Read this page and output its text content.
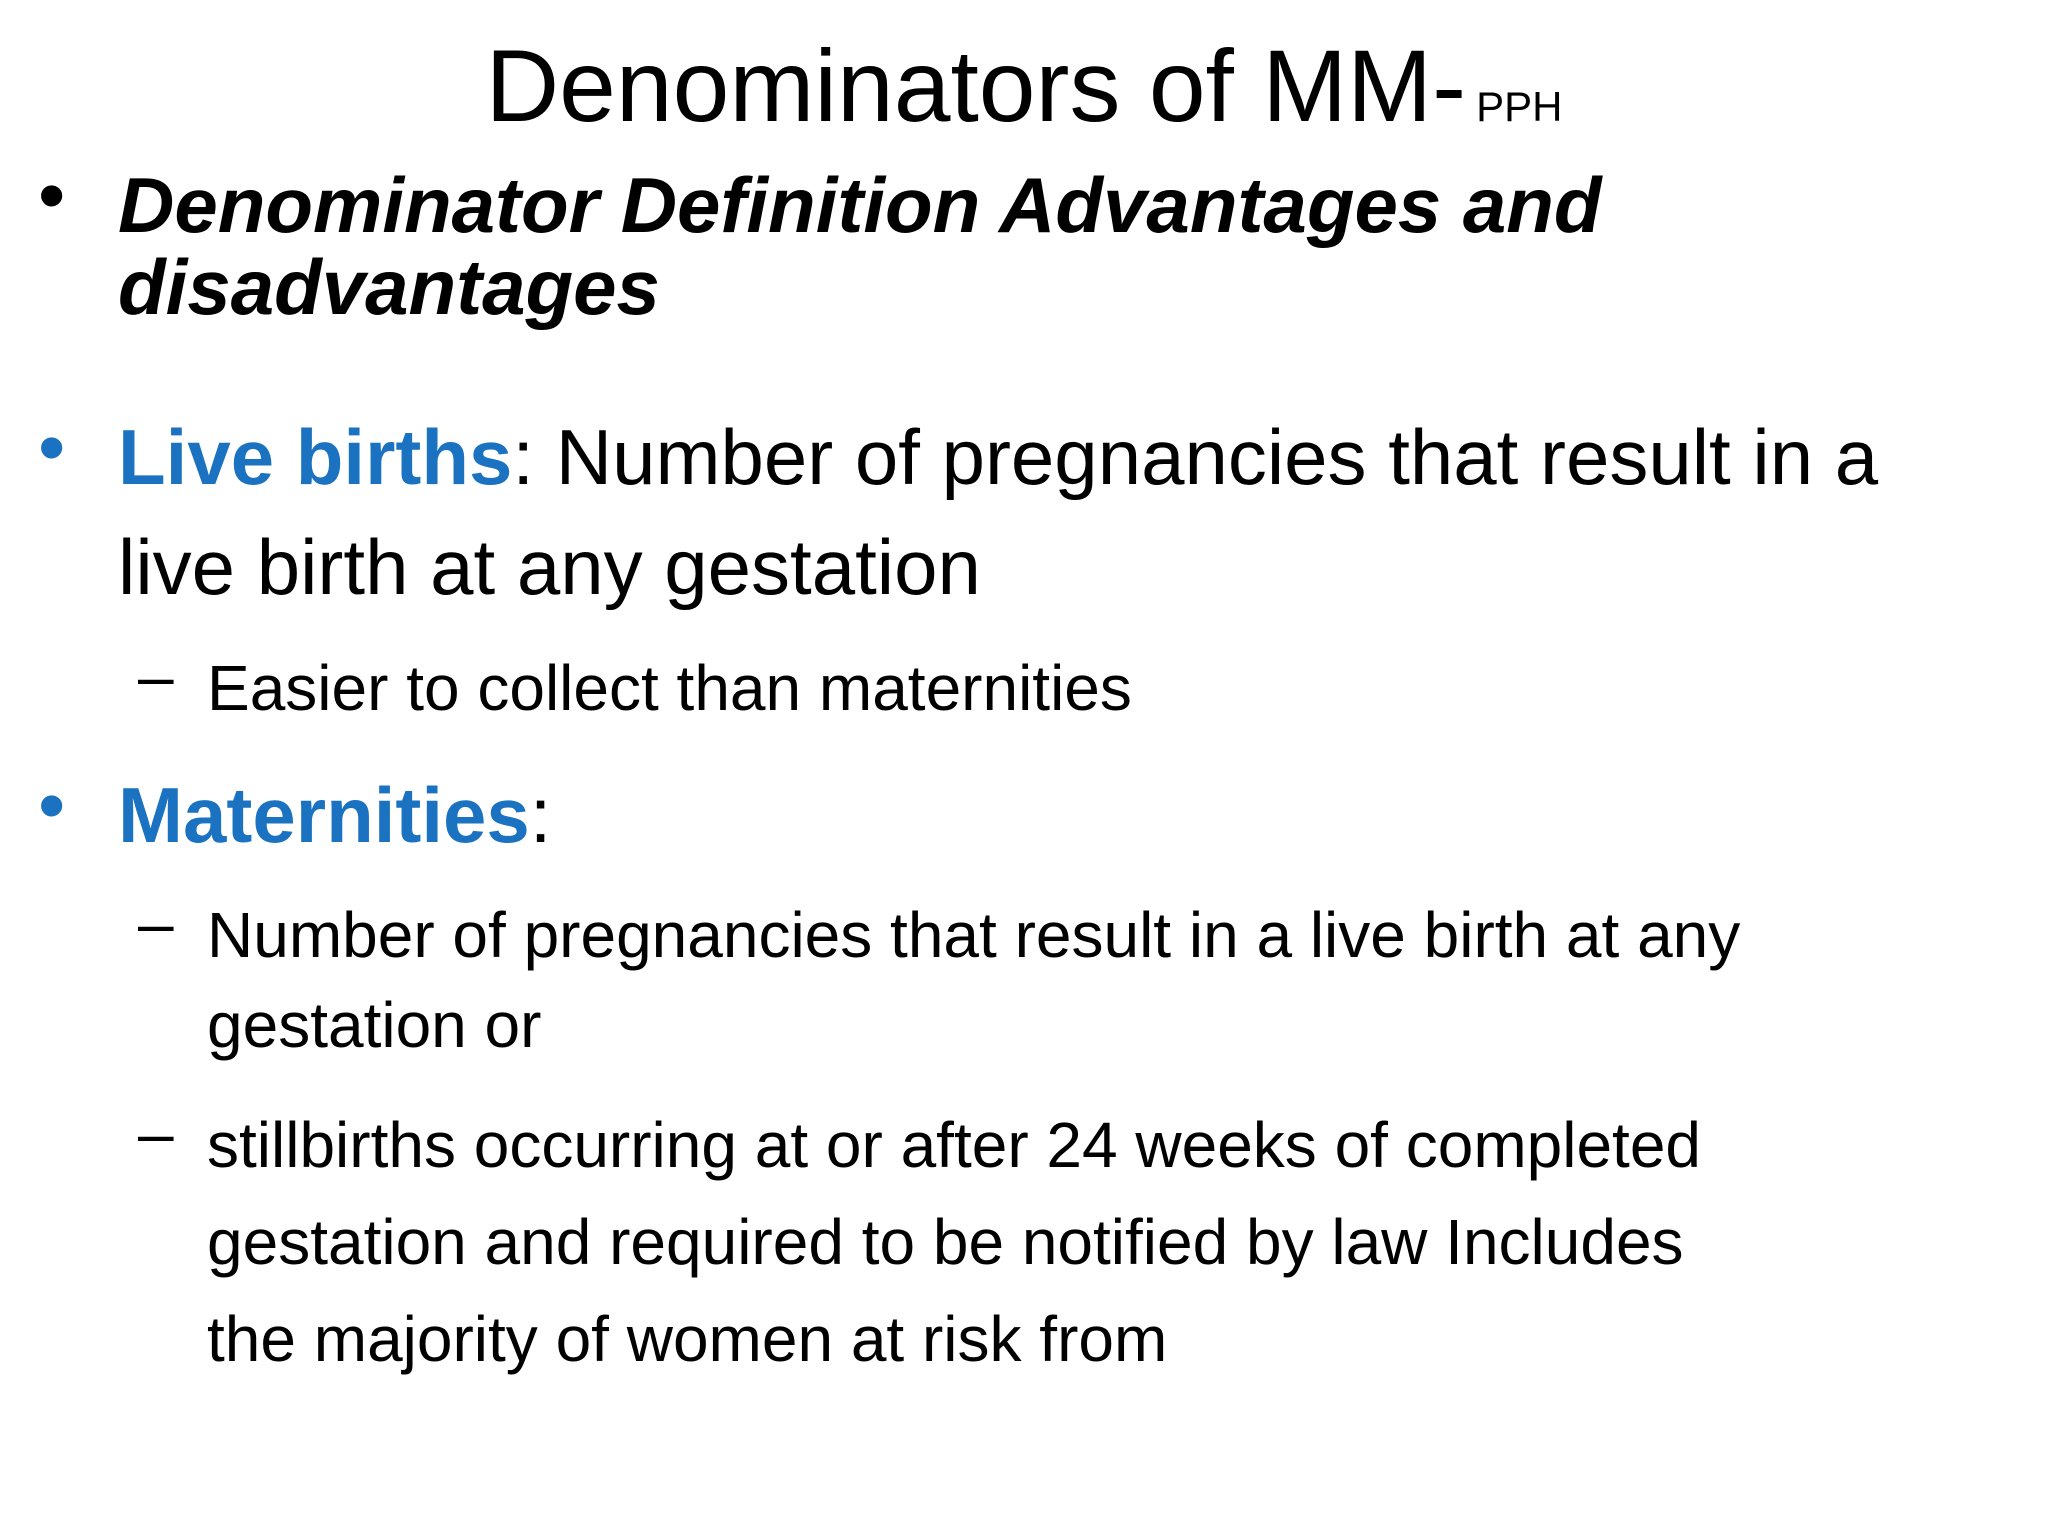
Denominators of MM- PPH
• Denominator Definition Advantages and
disadvantages
• Live births: Number of pregnancies that result in a
live birth at any gestation
– Easier to collect than maternities
• Maternities:
– Number of pregnancies that result in a live birth at any
gestation or
– stillbirths occurring at or after 24 weeks of completed
gestation and required to be notified by law Includes
the majority of women at risk from
